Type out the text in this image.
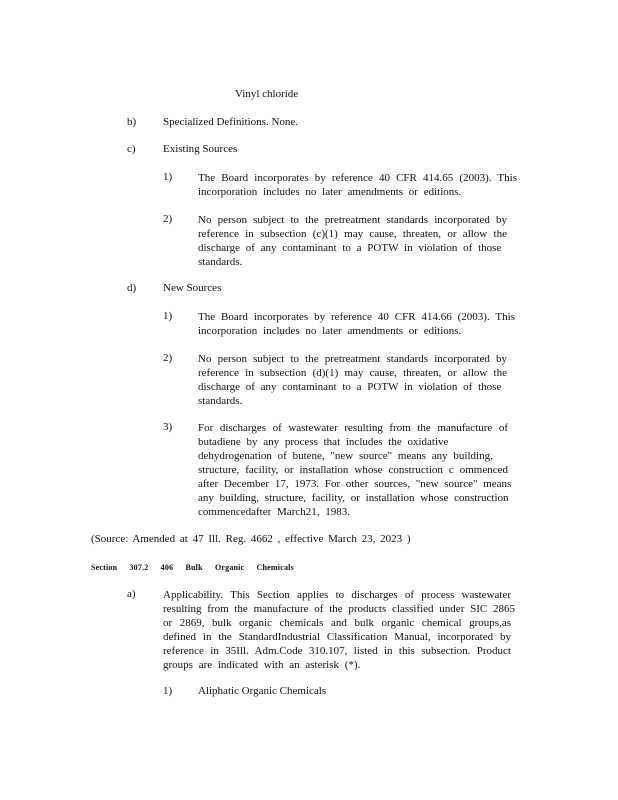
Vinyl chloride
b) Specialized Definitions. None.
c) Existing Sources
1) The Board incorporates by reference 40 CFR 414.65 (2003). This
incorporation includes no later amendments or editions.
2) No person subject to the pretreatment standards incorporated by
reference in subsection (c)(1) may cause, threaten, or allow the
discharge of any contaminant to a POTW in violation of those
standards.
d) New Sources
1) The Board incorporates by reference 40 CFR 414.66 (2003). This
incorporation includes no later amendments or editions.
2) No person subject to the pretreatment standards incorporated by
reference in subsection (d)(1) may cause, threaten, or allow the
discharge of any contaminant to a POTW in violation of those
standards.
3) For discharges of wastewater resulting from the manufacture of
butadiene by any process that includes the oxidative
dehydrogenation of butene, "new source" means any building,
structure, facility, or installation whose construction c ommenced
after December 17, 1973. For other sources, "new source" means
any building, structure, facility, or installation whose construction
commencedafter March21, 1983.
(Source: Amended at 47 Ill. Reg. 4662 , effective March 23, 2023 )
Section 307.2 406 Bulk Organic Chemicals
a) Applicability. This Section applies to discharges of process wastewater
resulting from the manufacture of the products classified under SIC 2865
or 2869, bulk organic chemicals and bulk organic chemical groups,as
defined in the StandardIndustrial Classification Manual, incorporated by
reference in 35Ill. Adm.Code 310.107, listed in this subsection. Product
groups are indicated with an asterisk (*).
1) Aliphatic Organic Chemicals
